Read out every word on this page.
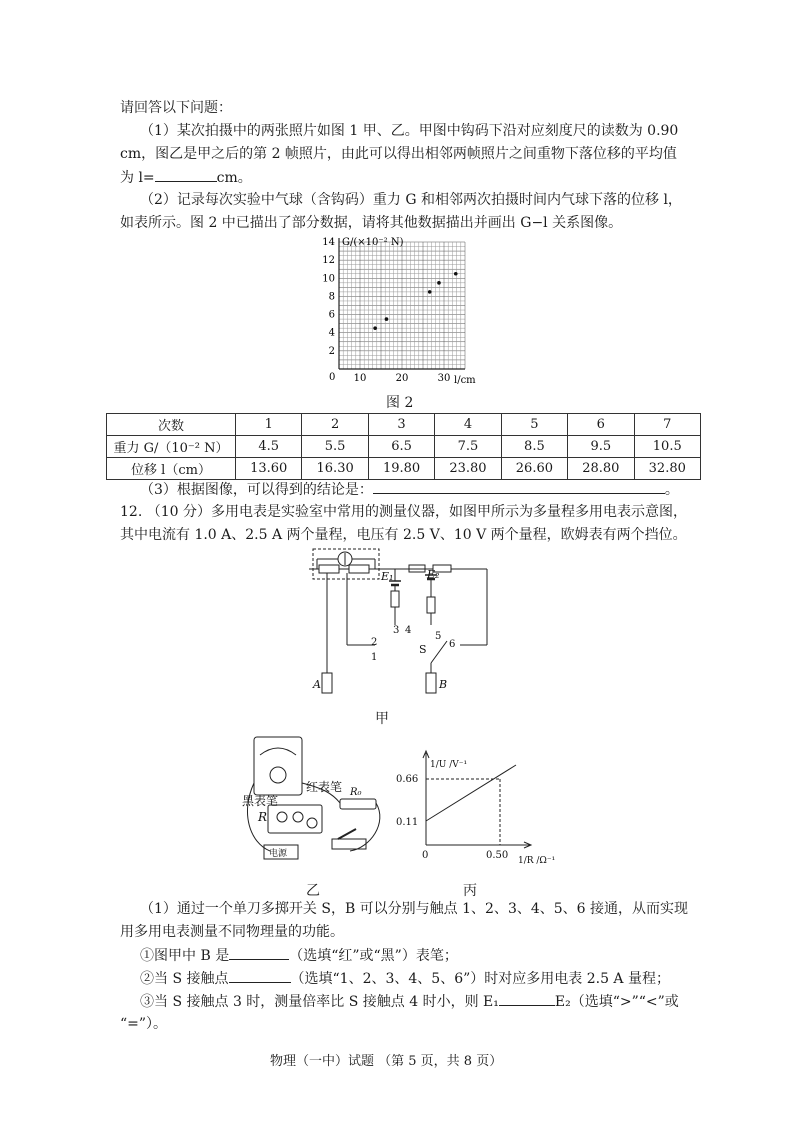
请回答以下问题：
（1）某次拍摄中的两张照片如图 1 甲、乙。甲图中钩码下沿对应刻度尺的读数为 0.90
cm，图乙是甲之后的第 2 帧照片，由此可以得出相邻两帧照片之间重物下落位移的平均值
为 l=	cm。
（2）记录每次实验中气球（含钩码）重力 G 和相邻两次拍摄时间内气球下落的位移 l，
如表所示。图 2 中已描出了部分数据，请将其他数据描出并画出 G−l 关系图像。
G/(×10⁻² N)
l/cm
0
2
4
6
8
10
12
14
10	20	30
图 2
次数	1	2	3	4	5	6	7
重力 G/（10⁻² N）	4.5	5.5	6.5	7.5	8.5	9.5	10.5
位移 l（cm）	13.60	16.30	19.80	23.80	26.60	28.80	32.80
（3）根据图像，可以得到的结论是：	。
12. （10 分）多用电表是实验室中常用的测量仪器，如图甲所示为多量程多用电表示意图，
其中电流有 1.0 A、2.5 A 两个量程，电压有 2.5 V、10 V 两个量程，欧姆表有两个挡位。
E₁	E₂
1
2
3 4
5
6
S
A	B
甲
红表笔
黑表笔
R
R₀
电源
乙
1/U /V⁻¹
0.66
0.11
0	0.50 1/R /Ω⁻¹
丙
（1）通过一个单刀多掷开关 S，B 可以分别与触点 1、2、3、4、5、6 接通，从而实现
用多用电表测量不同物理量的功能。
①图甲中 B 是	（选填“红”或“黑”）表笔；
②当 S 接触点	（选填“1、2、3、4、5、6”）时对应多用电表 2.5 A 量程；
③当 S 接触点 3 时，测量倍率比 S 接触点 4 时小，则 E₁	E₂（选填“>”“<”或
“=”）。
物理（一中）试题 （第 5 页，共 8 页）
